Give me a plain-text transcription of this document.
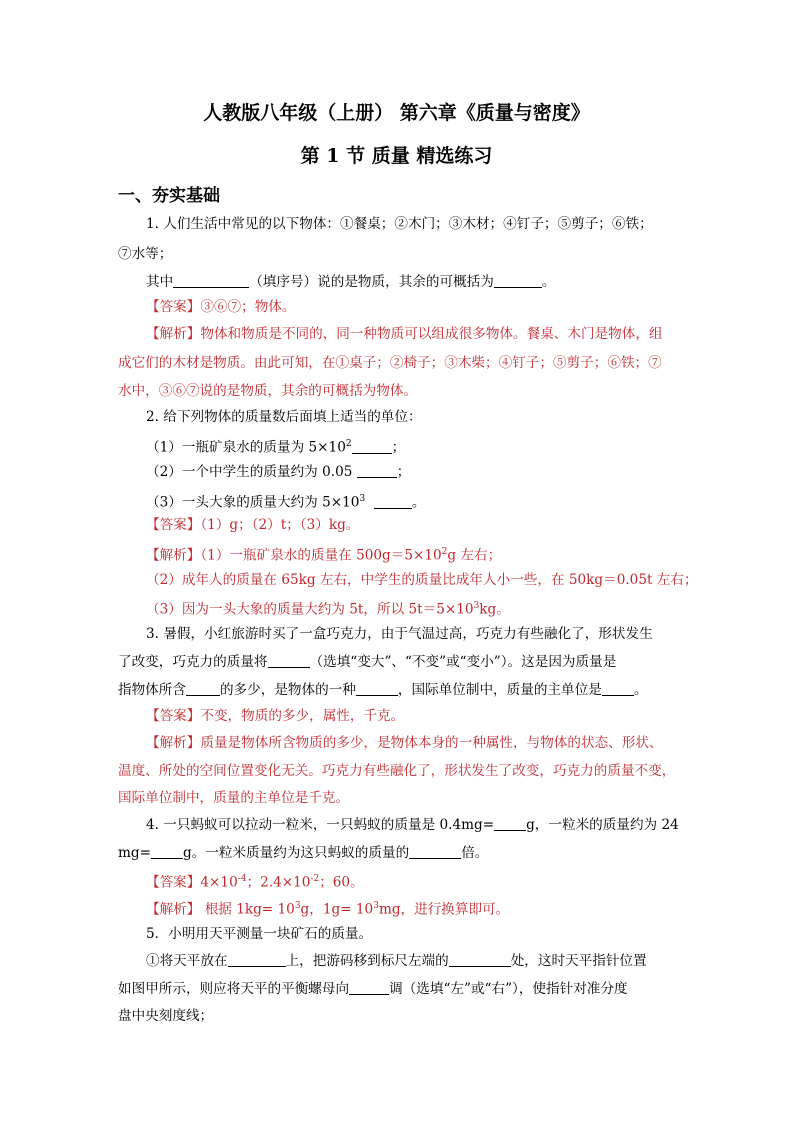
人教版八年级（上册） 第六章《质量与密度》
第 1 节 质量 精选练习
一、夯实基础
1. 人们生活中常见的以下物体：①餐桌；②木门；③木材；④钉子；⑤剪子；⑥铁；
⑦水等；
其中	（填序号）说的是物质，其余的可概括为	。
【答案】③⑥⑦；物体。
【解析】物体和物质是不同的，同一种物质可以组成很多物体。餐桌、木门是物体，组
成它们的木材是物质。由此可知，在①桌子；②椅子；③木柴；④钉子；⑤剪子；⑥铁；⑦
水中，③⑥⑦说的是物质，其余的可概括为物体。
2. 给下列物体的质量数后面填上适当的单位：
（1）一瓶矿泉水的质量为 $5\times 10^2$	；
（2）一个中学生的质量约为 0.05	；
（3）一头大象的质量大约为 $5\times 10^3$	。
【答案】（1）g；（2）t；（3）kg。
【解析】（1）一瓶矿泉水的质量在 $500g=5\times 10^2g$ 左右；
（2）成年人的质量在 65kg 左右，中学生的质量比成年人小一些，在 50kg＝0.05t 左右；
（3）因为一头大象的质量大约为 5t，所以 $5t=5\times 10^3kg$。
3. 暑假，小红旅游时买了一盒巧克力，由于气温过高，巧克力有些融化了，形状发生
了改变，巧克力的质量将	（选填“变大”、“不变”或“变小”）。这是因为质量是
指物体所含	的多少，是物体的一种	，国际单位制中，质量的主单位是 。
【答案】不变，物质的多少，属性，千克。
【解析】质量是物体所含物质的多少，是物体本身的一种属性，与物体的状态、形状、
温度、所处的空间位置变化无关。巧克力有些融化了，形状发生了改变，巧克力的质量不变，
国际单位制中，质量的主单位是千克。
4. 一只蚂蚁可以拉动一粒米，一只蚂蚁的质量是 0.4mg= g，一粒米的质量约为 24
mg= g。一粒米质量约为这只蚂蚁的质量的	倍。
【答案】$4\times 10^{-4}$；$2.4\times 10^{-2}$；60。
【解析】 根据 $1kg= 10^3g$，$1g= 10^3mg$，进行换算即可。
5．小明用天平测量一块矿石的质量。
①将天平放在	上，把游码移到标尺左端的	处，这时天平指针位置
如图甲所示，则应将天平的平衡螺母向	调（选填“左”或“右”），使指针对准分度
盘中央刻度线；
